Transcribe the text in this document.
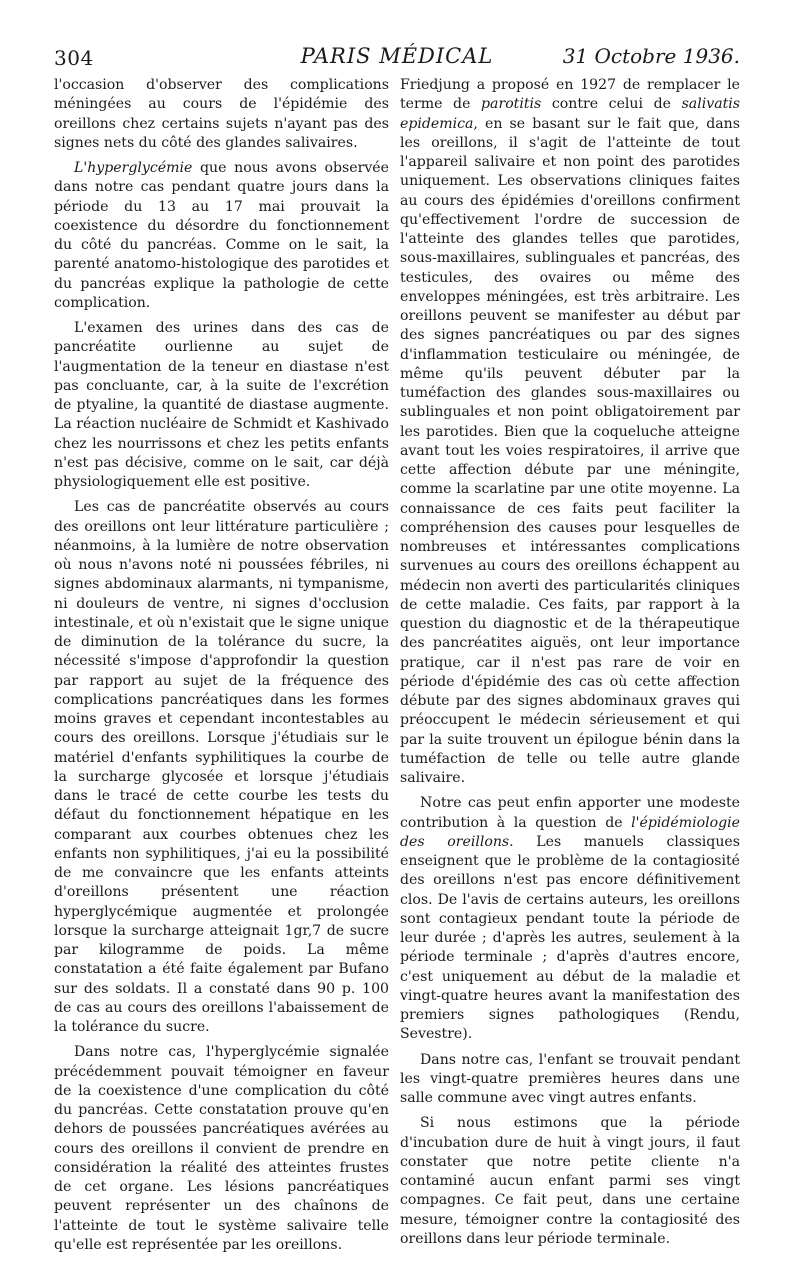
304	PARIS MÉDICAL	31 Octobre 1936.

l'occasion d'observer des complications méningées au cours de l'épidémie des oreillons chez certains sujets n'ayant pas des signes nets du côté des glandes salivaires.

L'hyperglycémie que nous avons observée dans notre cas pendant quatre jours dans la période du 13 au 17 mai prouvait la coexistence du désordre du fonctionnement du côté du pancréas. Comme on le sait, la parenté anatomo-histologique des parotides et du pancréas explique la pathologie de cette complication.

L'examen des urines dans des cas de pancréatite ourlienne au sujet de l'augmentation de la teneur en diastase n'est pas concluante, car, à la suite de l'excrétion de ptyaline, la quantité de diastase augmente. La réaction nucléaire de Schmidt et Kashivado chez les nourrissons et chez les petits enfants n'est pas décisive, comme on le sait, car déjà physiologiquement elle est positive.

Les cas de pancréatite observés au cours des oreillons ont leur littérature particulière ; néanmoins, à la lumière de notre observation où nous n'avons noté ni poussées fébriles, ni signes abdominaux alarmants, ni tympanisme, ni douleurs de ventre, ni signes d'occlusion intestinale, et où n'existait que le signe unique de diminution de la tolérance du sucre, la nécessité s'impose d'approfondir la question par rapport au sujet de la fréquence des complications pancréatiques dans les formes moins graves et cependant incontestables au cours des oreillons. Lorsque j'étudiais sur le matériel d'enfants syphilitiques la courbe de la surcharge glycosée et lorsque j'étudiais dans le tracé de cette courbe les tests du défaut du fonctionnement hépatique en les comparant aux courbes obtenues chez les enfants non syphilitiques, j'ai eu la possibilité de me convaincre que les enfants atteints d'oreillons présentent une réaction hyperglycémique augmentée et prolongée lorsque la surcharge atteignait 1gr,7 de sucre par kilogramme de poids. La même constatation a été faite également par Bufano sur des soldats. Il a constaté dans 90 p. 100 de cas au cours des oreillons l'abaissement de la tolérance du sucre.

Dans notre cas, l'hyperglycémie signalée précédemment pouvait témoigner en faveur de la coexistence d'une complication du côté du pancréas. Cette constatation prouve qu'en dehors de poussées pancréatiques avérées au cours des oreillons il convient de prendre en considération la réalité des atteintes frustes de cet organe. Les lésions pancréatiques peuvent représenter un des chaînons de l'atteinte de tout le système salivaire telle qu'elle est représentée par les oreillons.

Friedjung a proposé en 1927 de remplacer le terme de parotitis contre celui de salivatis epidemica, en se basant sur le fait que, dans les oreillons, il s'agit de l'atteinte de tout l'appareil salivaire et non point des parotides uniquement. Les observations cliniques faites au cours des épidémies d'oreillons confirment qu'effectivement l'ordre de succession de l'atteinte des glandes telles que parotides, sous-maxillaires, sublinguales et pancréas, des testicules, des ovaires ou même des enveloppes méningées, est très arbitraire. Les oreillons peuvent se manifester au début par des signes pancréatiques ou par des signes d'inflammation testiculaire ou méningée, de même qu'ils peuvent débuter par la tuméfaction des glandes sous-maxillaires ou sublinguales et non point obligatoirement par les parotides. Bien que la coqueluche atteigne avant tout les voies respiratoires, il arrive que cette affection débute par une méningite, comme la scarlatine par une otite moyenne. La connaissance de ces faits peut faciliter la compréhension des causes pour lesquelles de nombreuses et intéressantes complications survenues au cours des oreillons échappent au médecin non averti des particularités cliniques de cette maladie. Ces faits, par rapport à la question du diagnostic et de la thérapeutique des pancréatites aiguës, ont leur importance pratique, car il n'est pas rare de voir en période d'épidémie des cas où cette affection débute par des signes abdominaux graves qui préoccupent le médecin sérieusement et qui par la suite trouvent un épilogue bénin dans la tuméfaction de telle ou telle autre glande salivaire.

Notre cas peut enfin apporter une modeste contribution à la question de l'épidémiologie des oreillons. Les manuels classiques enseignent que le problème de la contagiosité des oreillons n'est pas encore définitivement clos. De l'avis de certains auteurs, les oreillons sont contagieux pendant toute la période de leur durée ; d'après les autres, seulement à la période terminale ; d'après d'autres encore, c'est uniquement au début de la maladie et vingt-quatre heures avant la manifestation des premiers signes pathologiques (Rendu, Sevestre).

Dans notre cas, l'enfant se trouvait pendant les vingt-quatre premières heures dans une salle commune avec vingt autres enfants.

Si nous estimons que la période d'incubation dure de huit à vingt jours, il faut constater que notre petite cliente n'a contaminé aucun enfant parmi ses vingt compagnes. Ce fait peut, dans une certaine mesure, témoigner contre la contagiosité des oreillons dans leur période terminale.
